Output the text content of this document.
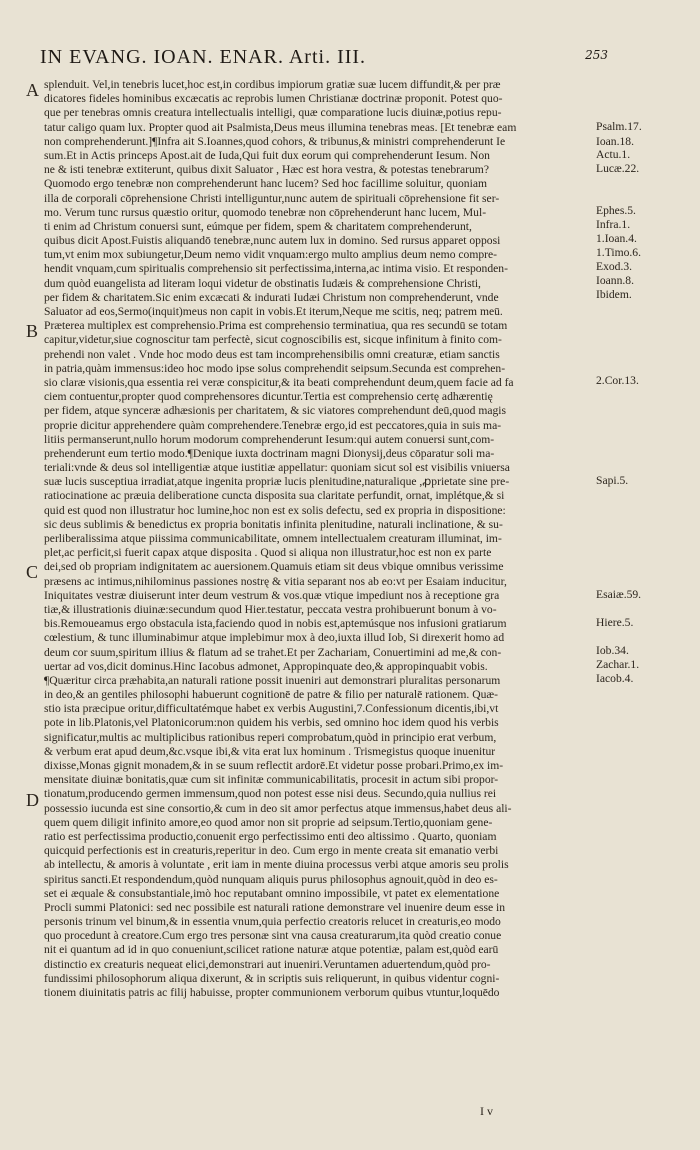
IN EVANG. IOAN. ENAR. Arti. III.	253
A
B
C
D
splenduit. Vel,in tenebris lucet,hoc est,in cordibus impiorum gratiæ suæ lucem diffundit,& per præ
dicatores fideles hominibus excæcatis ac reprobis lumen Christianæ doctrinæ proponit. Potest quo-
que per tenebras omnis creatura intellectualis intelligi, quæ comparatione lucis diuinæ,potius repu-
tatur caligo quam lux. Propter quod ait Psalmista,Deus meus illumina tenebras meas. [Et tenebræ eam
non comprehenderunt.]¶Infra ait S.Ioannes,quod cohors, & tribunus,& ministri comprehenderunt Ie
sum.Et in Actis princeps Apost.ait de Iuda,Qui fuit dux eorum qui comprehenderunt Iesum. Non
ne & isti tenebræ extiterunt, quibus dixit Saluator , Hæc est hora vestra, & potestas tenebrarum?
Quomodo ergo tenebræ non comprehenderunt hanc lucem? Sed hoc facillime soluitur, quoniam
illa de corporali cōprehensione Christi intelliguntur,nunc autem de spirituali cōprehensione fit ser-
mo. Verum tunc rursus quæstio oritur, quomodo tenebræ non cōprehenderunt hanc lucem, Mul-
ti enim ad Christum conuersi sunt, eúmque per fidem, spem & charitatem comprehenderunt,
quibus dicit Apost.Fuistis aliquandō tenebræ,nunc autem lux in domino. Sed rursus apparet opposi
tum,vt enim mox subiungetur,Deum nemo vidit vnquam:ergo multo amplius deum nemo compre-
hendit vnquam,cum spiritualis comprehensio sit perfectissima,interna,ac intima visio. Et responden-
dum quòd euangelista ad literam loqui videtur de obstinatis Iudæis & comprehensione Christi,
per fidem & charitatem.Sic enim excæcati & indurati Iudæi Christum non comprehenderunt, vnde
Saluator ad eos,Sermo(inquit)meus non capit in vobis.Et iterum,Neque me scitis, neq; patrem meū.
Præterea multiplex est comprehensio.Prima est comprehensio terminatiua, qua res secundū se totam
capitur,videtur,siue cognoscitur tam perfectè, sicut cognoscibilis est, sicque infinitum à finito com-
prehendi non valet . Vnde hoc modo deus est tam incomprehensibilis omni creaturæ, etiam sanctis
in patria,quàm immensus:ideo hoc modo ipse solus comprehendit seipsum.Secunda est comprehen-
sio claræ visionis,qua essentia rei veræ conspicitur,& ita beati comprehendunt deum,quem facie ad fa
ciem contuentur,propter quod comprehensores dicuntur.Tertia est comprehensio certę adhærentię
per fidem, atque synceræ adhæsionis per charitatem, & sic viatores comprehendunt deū,quod magis
proprie dicitur apprehendere quàm comprehendere.Tenebræ ergo,id est peccatores,quia in suis ma-
litiis permanserunt,nullo horum modorum comprehenderunt Iesum:qui autem conuersi sunt,com-
prehenderunt eum tertio modo.¶Denique iuxta doctrinam magni Dionysij,deus cōparatur soli ma-
teriali:vnde & deus sol intelligentiæ atque iustitiæ appellatur: quoniam sicut sol est visibilis vniuersa
suæ lucis susceptiua irradiat,atque ingenita propriæ lucis plenitudine,naturalique ,ꝓprietate sine pre-
ratiocinatione ac præuia deliberatione cuncta disposita sua claritate perfundit, ornat, implétque,& si
quid est quod non illustratur hoc lumine,hoc non est ex solis defectu, sed ex propria in dispositione:
sic deus sublimis & benedictus ex propria bonitatis infinita plenitudine, naturali inclinatione, & su-
perliberalissima atque piissima communicabilitate, omnem intellectualem creaturam illuminat, im-
plet,ac perficit,si fuerit capax atque disposita . Quod si aliqua non illustratur,hoc est non ex parte
dei,sed ob propriam indignitatem ac auersionem.Quamuis etiam sit deus vbique omnibus verissime
præsens ac intimus,nihilominus passiones nostrę & vitia separant nos ab eo:vt per Esaiam inducitur,
Iniquitates vestræ diuiserunt inter deum vestrum & vos.quæ vtique impediunt nos à receptione gra
tiæ,& illustrationis diuinæ:secundum quod Hier.testatur, peccata vestra prohibuerunt bonum à vo-
bis.Remoueamus ergo obstacula ista,faciendo quod in nobis est,aptemúsque nos infusioni gratiarum
cœlestium, & tunc illuminabimur atque implebimur mox à deo,iuxta illud Iob, Si direxerit homo ad
deum cor suum,spiritum illius & flatum ad se trahet.Et per Zachariam, Conuertimini ad me,& con-
uertar ad vos,dicit dominus.Hinc Iacobus admonet, Appropinquate deo,& appropinquabit vobis.
¶Quæritur circa præhabita,an naturali ratione possit inueniri aut demonstrari pluralitas personarum
in deo,& an gentiles philosophi habuerunt cognitionē de patre & filio per naturalē rationem. Quæ-
stio ista præcipue oritur,difficultatémque habet ex verbis Augustini,7.Confessionum dicentis,ibi,vt
pote in lib.Platonis,vel Platonicorum:non quidem his verbis, sed omnino hoc idem quod his verbis
significatur,multis ac multiplicibus rationibus reperi comprobatum,quòd in principio erat verbum,
& verbum erat apud deum,&c.vsque ibi,& vita erat lux hominum . Trismegistus quoque inuenitur
dixisse,Monas gignit monadem,& in se suum reflectit ardorē.Et videtur posse probari.Primo,ex im-
mensitate diuinæ bonitatis,quæ cum sit infinitæ communicabilitatis, procesit in actum sibi propor-
tionatum,producendo germen immensum,quod non potest esse nisi deus. Secundo,quia nullius rei
possessio iucunda est sine consortio,& cum in deo sit amor perfectus atque immensus,habet deus ali-
quem quem diligit infinito amore,eo quod amor non sit proprie ad seipsum.Tertio,quoniam gene-
ratio est perfectissima productio,conuenit ergo perfectissimo enti deo altissimo . Quarto, quoniam
quicquid perfectionis est in creaturis,reperitur in deo. Cum ergo in mente creata sit emanatio verbi
ab intellectu, & amoris à voluntate , erit iam in mente diuina processus verbi atque amoris seu prolis
spiritus sancti.Et respondendum,quòd nunquam aliquis purus philosophus agnouit,quòd in deo es-
set ei æquale & consubstantiale,imò hoc reputabant omnino impossibile, vt patet ex elementatione
Procli summi Platonici: sed nec possibile est naturali ratione demonstrare vel inuenire deum esse in
personis trinum vel binum,& in essentia vnum,quia perfectio creatoris relucet in creaturis,eo modo
quo procedunt à creatore.Cum ergo tres personæ sint vna causa creaturarum,ita quòd creatio conue
nit ei quantum ad id in quo conueniunt,scilicet ratione naturæ atque potentiæ, palam est,quòd earū
distinctio ex creaturis nequeat elici,demonstrari aut inueniri.Veruntamen aduertendum,quòd pro-
fundissimi philosophorum aliqua dixerunt, & in scriptis suis reliquerunt, in quibus videntur cogni-
tionem diuinitatis patris ac filij habuisse, propter communionem verborum quibus vtuntur,loquēdo
Psalm.17.
Ioan.18.
Actu.1.
Lucæ.22.
Ephes.5.
Infra.1.
1.Ioan.4.
1.Timo.6.
Exod.3.
Ioann.8.
Ibidem.
2.Cor.13.
Sapi.5.
Esaiæ.59.
Hiere.5.
Iob.34.
Zachar.1.
Iacob.4.
I v
